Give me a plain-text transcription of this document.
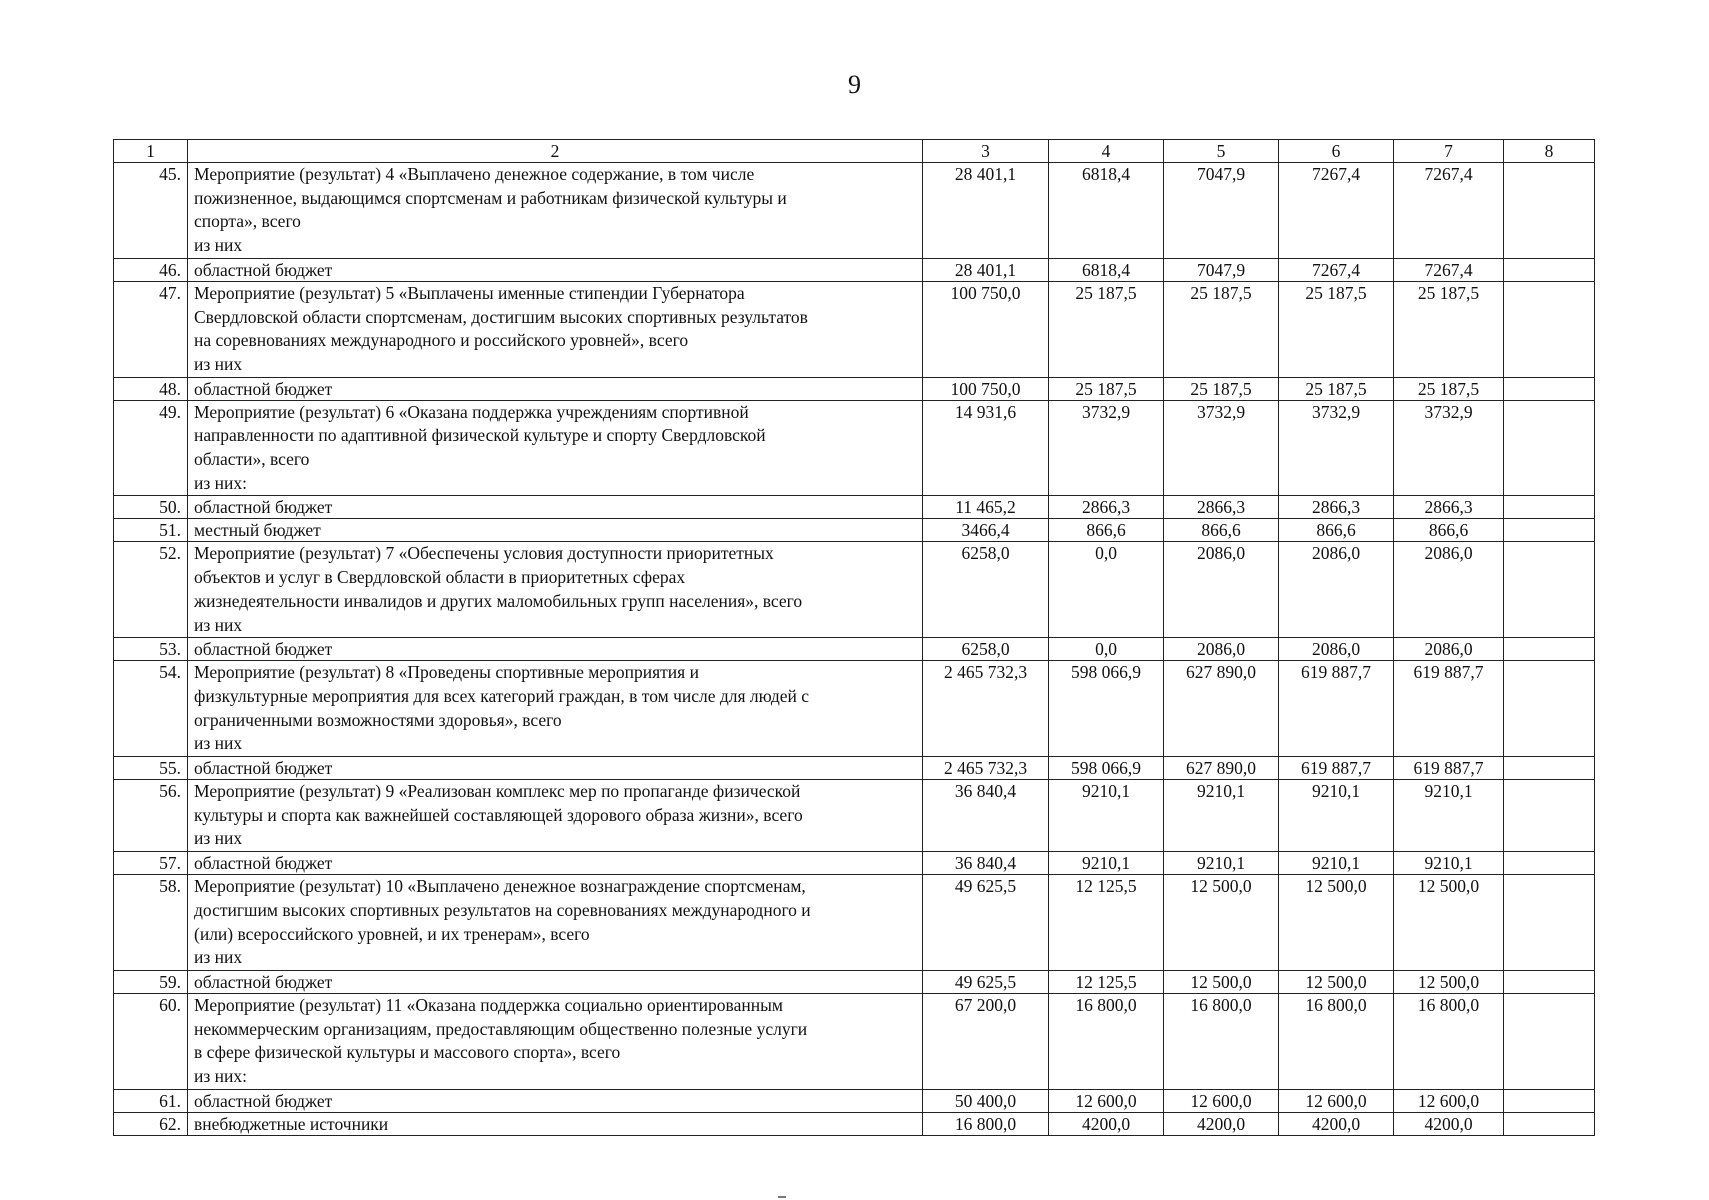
9
1	2	3	4	5	6	7	8
45.	Мероприятие (результат) 4 «Выплачено денежное содержание, в том числе
пожизненное, выдающимся спортсменам и работникам физической культуры и
спорта», всего
из них	28 401,1	6818,4	7047,9	7267,4	7267,4	
46.	областной бюджет	28 401,1	6818,4	7047,9	7267,4	7267,4	
47.	Мероприятие (результат) 5 «Выплачены именные стипендии Губернатора
Свердловской области спортсменам, достигшим высоких спортивных результатов
на соревнованиях международного и российского уровней», всего
из них	100 750,0	25 187,5	25 187,5	25 187,5	25 187,5	
48.	областной бюджет	100 750,0	25 187,5	25 187,5	25 187,5	25 187,5	
49.	Мероприятие (результат) 6 «Оказана поддержка учреждениям спортивной
направленности по адаптивной физической культуре и спорту Свердловской
области», всего
из них:	14 931,6	3732,9	3732,9	3732,9	3732,9	
50.	областной бюджет	11 465,2	2866,3	2866,3	2866,3	2866,3	
51.	местный бюджет	3466,4	866,6	866,6	866,6	866,6	
52.	Мероприятие (результат) 7 «Обеспечены условия доступности приоритетных
объектов и услуг в Свердловской области в приоритетных сферах
жизнедеятельности инвалидов и других маломобильных групп населения», всего
из них	6258,0	0,0	2086,0	2086,0	2086,0	
53.	областной бюджет	6258,0	0,0	2086,0	2086,0	2086,0	
54.	Мероприятие (результат) 8 «Проведены спортивные мероприятия и
физкультурные мероприятия для всех категорий граждан, в том числе для людей с
ограниченными возможностями здоровья», всего
из них	2 465 732,3	598 066,9	627 890,0	619 887,7	619 887,7	
55.	областной бюджет	2 465 732,3	598 066,9	627 890,0	619 887,7	619 887,7	
56.	Мероприятие (результат) 9 «Реализован комплекс мер по пропаганде физической
культуры и спорта как важнейшей составляющей здорового образа жизни», всего
из них	36 840,4	9210,1	9210,1	9210,1	9210,1	
57.	областной бюджет	36 840,4	9210,1	9210,1	9210,1	9210,1	
58.	Мероприятие (результат) 10 «Выплачено денежное вознаграждение спортсменам,
достигшим высоких спортивных результатов на соревнованиях международного и
(или) всероссийского уровней, и их тренерам», всего
из них	49 625,5	12 125,5	12 500,0	12 500,0	12 500,0	
59.	областной бюджет	49 625,5	12 125,5	12 500,0	12 500,0	12 500,0	
60.	Мероприятие (результат) 11 «Оказана поддержка социально ориентированным
некоммерческим организациям, предоставляющим общественно полезные услуги
в сфере физической культуры и массового спорта», всего
из них:	67 200,0	16 800,0	16 800,0	16 800,0	16 800,0	
61.	областной бюджет	50 400,0	12 600,0	12 600,0	12 600,0	12 600,0	
62.	внебюджетные источники	16 800,0	4200,0	4200,0	4200,0	4200,0	
